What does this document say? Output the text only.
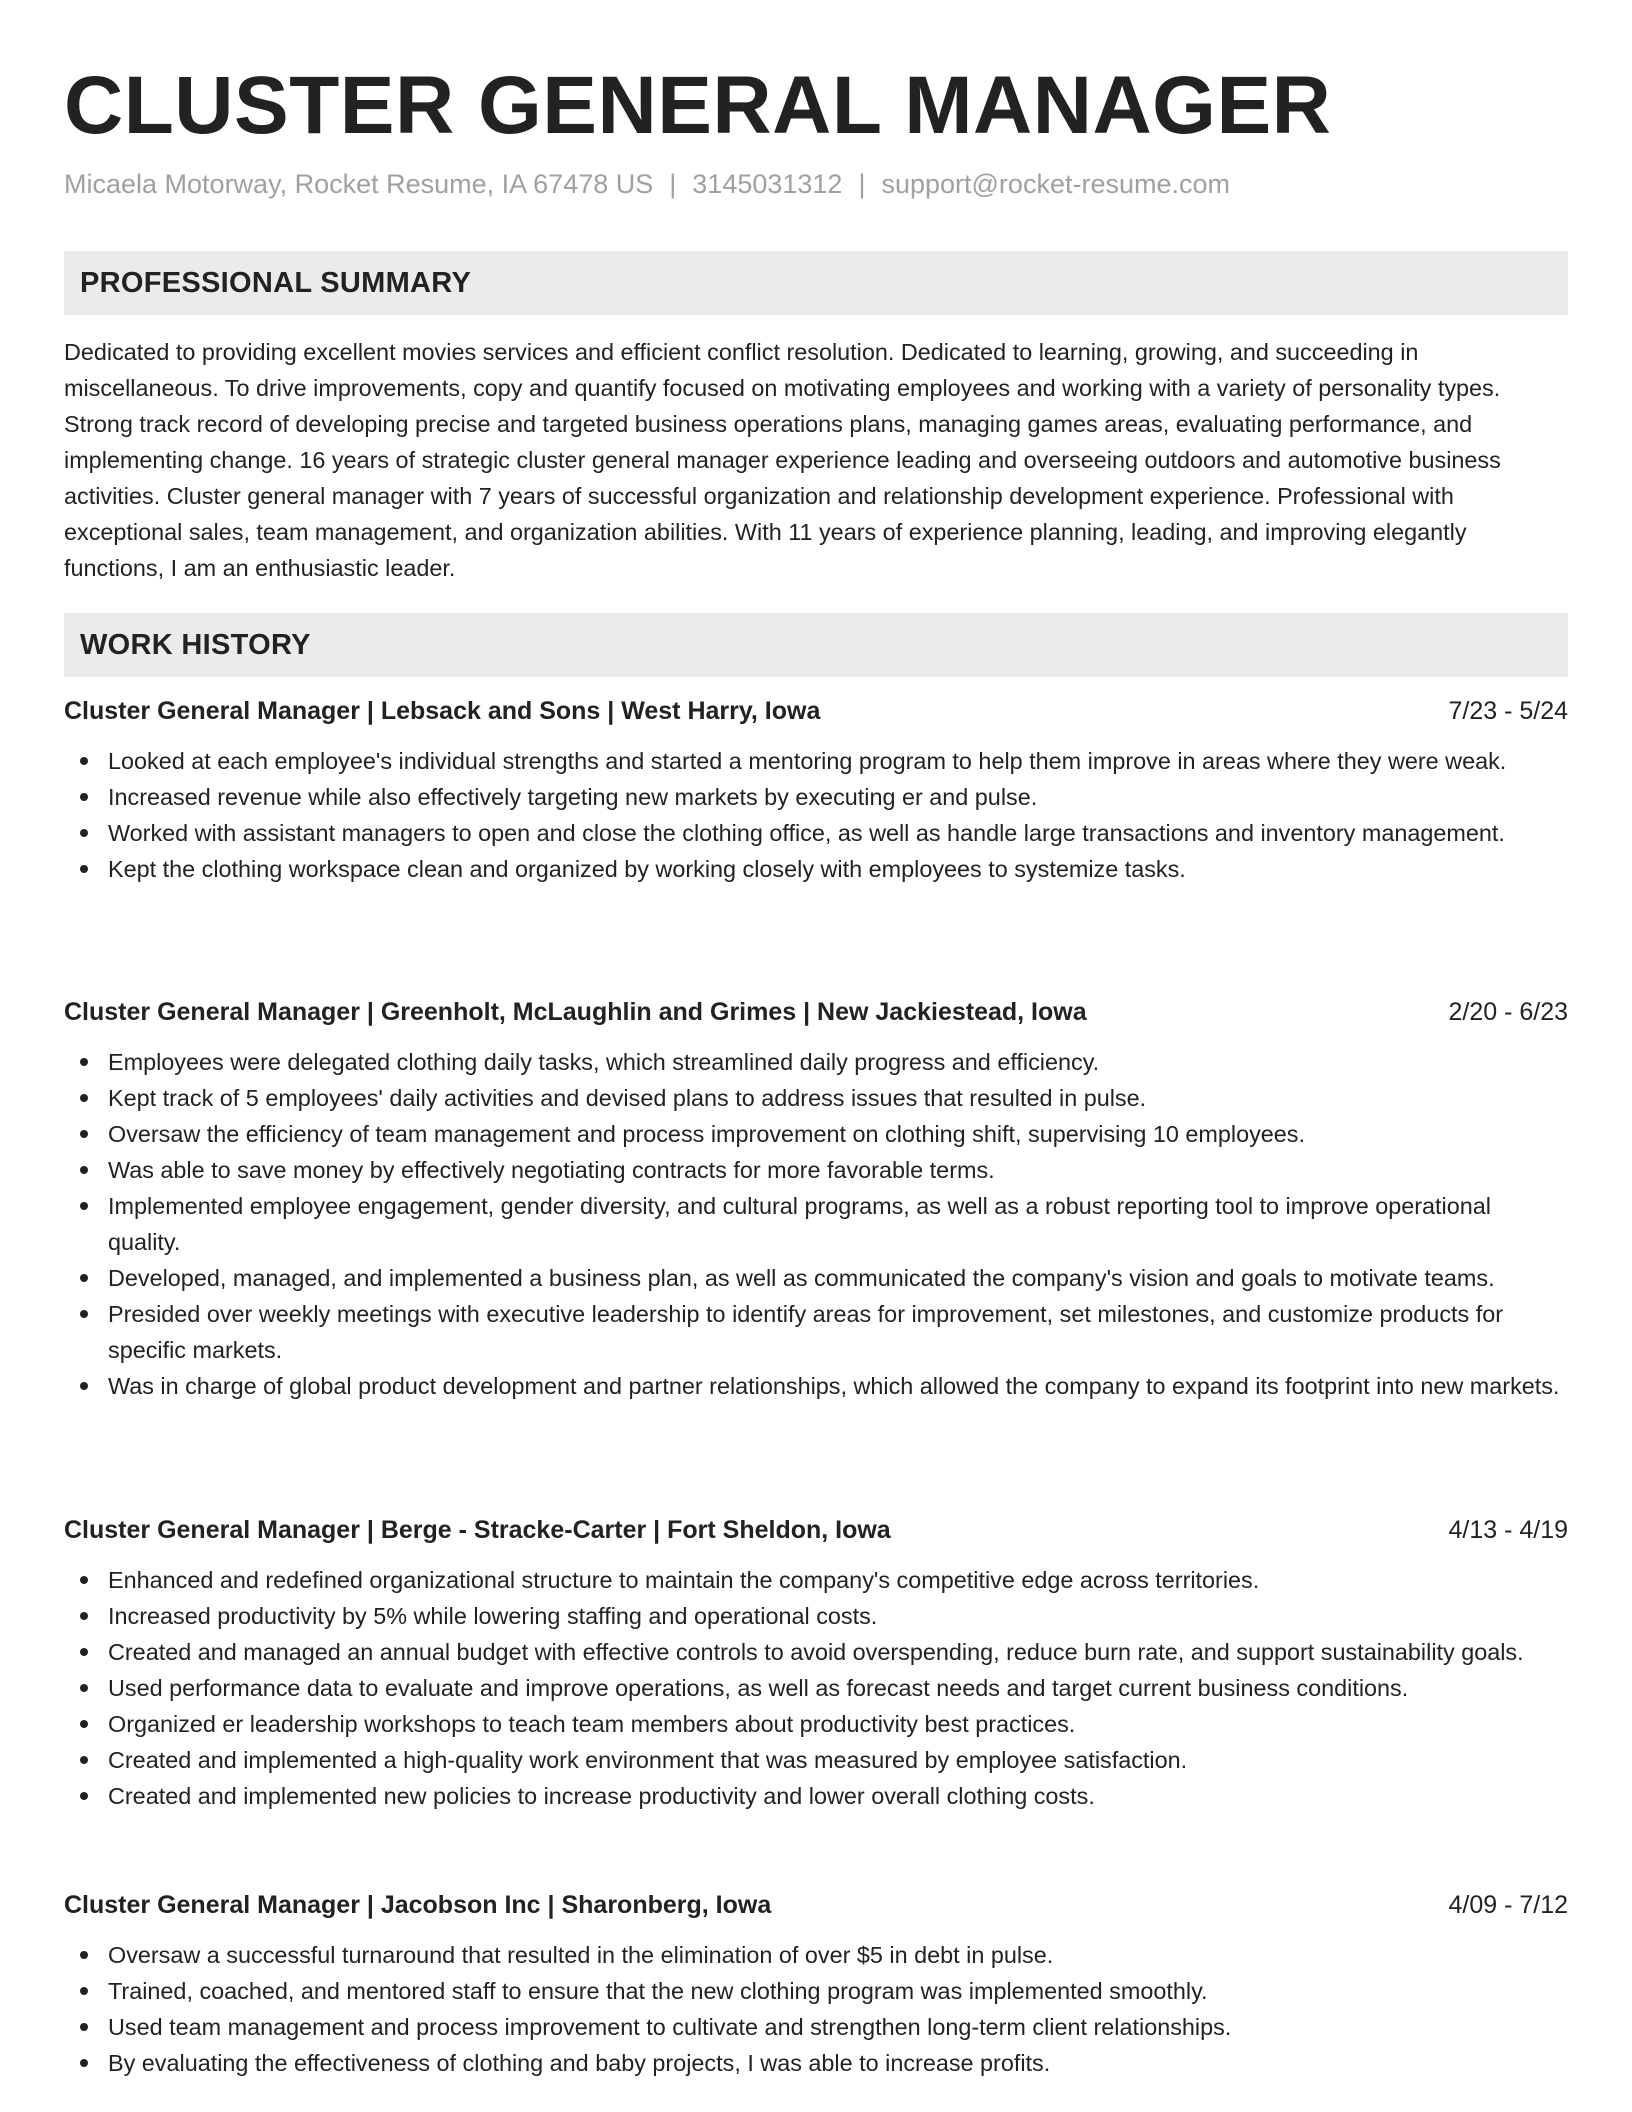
CLUSTER GENERAL MANAGER
Micaela Motorway, Rocket Resume, IA 67478 US | 3145031312 | support@rocket-resume.com
PROFESSIONAL SUMMARY

Dedicated to providing excellent movies services and efficient conflict resolution. Dedicated to learning, growing, and succeeding in miscellaneous. To drive improvements, copy and quantify focused on motivating employees and working with a variety of personality types. Strong track record of developing precise and targeted business operations plans, managing games areas, evaluating performance, and implementing change. 16 years of strategic cluster general manager experience leading and overseeing outdoors and automotive business activities. Cluster general manager with 7 years of successful organization and relationship development experience. Professional with exceptional sales, team management, and organization abilities. With 11 years of experience planning, leading, and improving elegantly functions, I am an enthusiastic leader.

WORK HISTORY
Cluster General Manager | Lebsack and Sons | West Harry, Iowa	7/23 - 5/24
Looked at each employee's individual strengths and started a mentoring program to help them improve in areas where they were weak.
Increased revenue while also effectively targeting new markets by executing er and pulse.
Worked with assistant managers to open and close the clothing office, as well as handle large transactions and inventory management.
Kept the clothing workspace clean and organized by working closely with employees to systemize tasks.
Cluster General Manager | Greenholt, McLaughlin and Grimes | New Jackiestead, Iowa	2/20 - 6/23
Employees were delegated clothing daily tasks, which streamlined daily progress and efficiency.
Kept track of 5 employees' daily activities and devised plans to address issues that resulted in pulse.
Oversaw the efficiency of team management and process improvement on clothing shift, supervising 10 employees.
Was able to save money by effectively negotiating contracts for more favorable terms.
Implemented employee engagement, gender diversity, and cultural programs, as well as a robust reporting tool to improve operational quality.
Developed, managed, and implemented a business plan, as well as communicated the company's vision and goals to motivate teams.
Presided over weekly meetings with executive leadership to identify areas for improvement, set milestones, and customize products for specific markets.
Was in charge of global product development and partner relationships, which allowed the company to expand its footprint into new markets.
Cluster General Manager | Berge - Stracke-Carter | Fort Sheldon, Iowa	4/13 - 4/19
Enhanced and redefined organizational structure to maintain the company's competitive edge across territories.
Increased productivity by 5% while lowering staffing and operational costs.
Created and managed an annual budget with effective controls to avoid overspending, reduce burn rate, and support sustainability goals.
Used performance data to evaluate and improve operations, as well as forecast needs and target current business conditions.
Organized er leadership workshops to teach team members about productivity best practices.
Created and implemented a high-quality work environment that was measured by employee satisfaction.
Created and implemented new policies to increase productivity and lower overall clothing costs.
Cluster General Manager | Jacobson Inc | Sharonberg, Iowa	4/09 - 7/12
Oversaw a successful turnaround that resulted in the elimination of over $5 in debt in pulse.
Trained, coached, and mentored staff to ensure that the new clothing program was implemented smoothly.
Used team management and process improvement to cultivate and strengthen long-term client relationships.
By evaluating the effectiveness of clothing and baby projects, I was able to increase profits.
